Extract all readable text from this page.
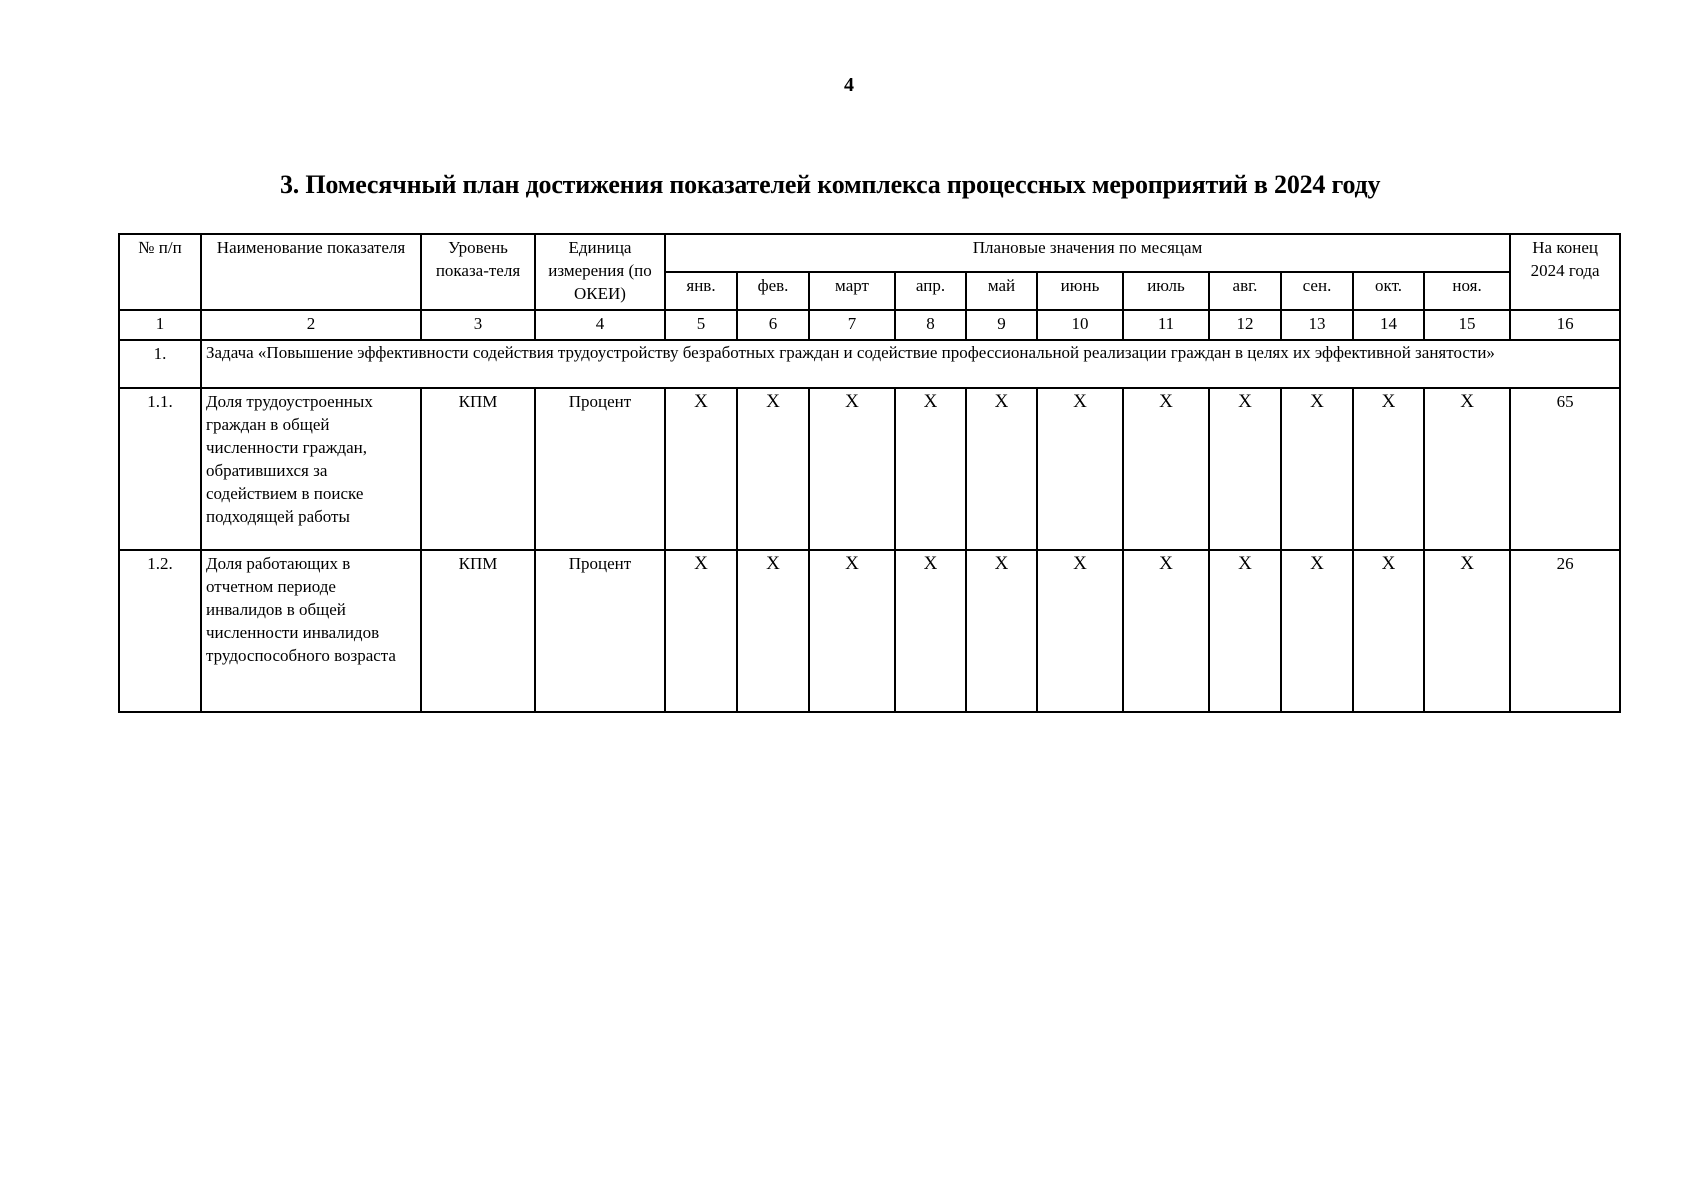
4
3. Помесячный план достижения показателей комплекса процессных мероприятий в 2024 году
№ п/п	Наименование показателя	Уровень показа-теля	Единица измерения (по ОКЕИ)	Плановые значения по месяцам											На конец 2024 года
				янв.	фев.	март	апр.	май	июнь	июль	авг.	сен.	окт.	ноя.	
1	2	3	4	5	6	7	8	9	10	11	12	13	14	15	16
1.	Задача «Повышение эффективности содействия трудоустройству безработных граждан и содействие профессиональной реализации граждан в целях их эффективной занятости»														
1.1.	Доля трудоустроенных граждан в общей численности граждан, обратившихся за содействием в поиске подходящей работы	КПМ	Процент	X	X	X	X	X	X	X	X	X	X	X	65
1.2.	Доля работающих в отчетном периоде инвалидов в общей численности инвалидов трудоспособного возраста	КПМ	Процент	X	X	X	X	X	X	X	X	X	X	X	26
